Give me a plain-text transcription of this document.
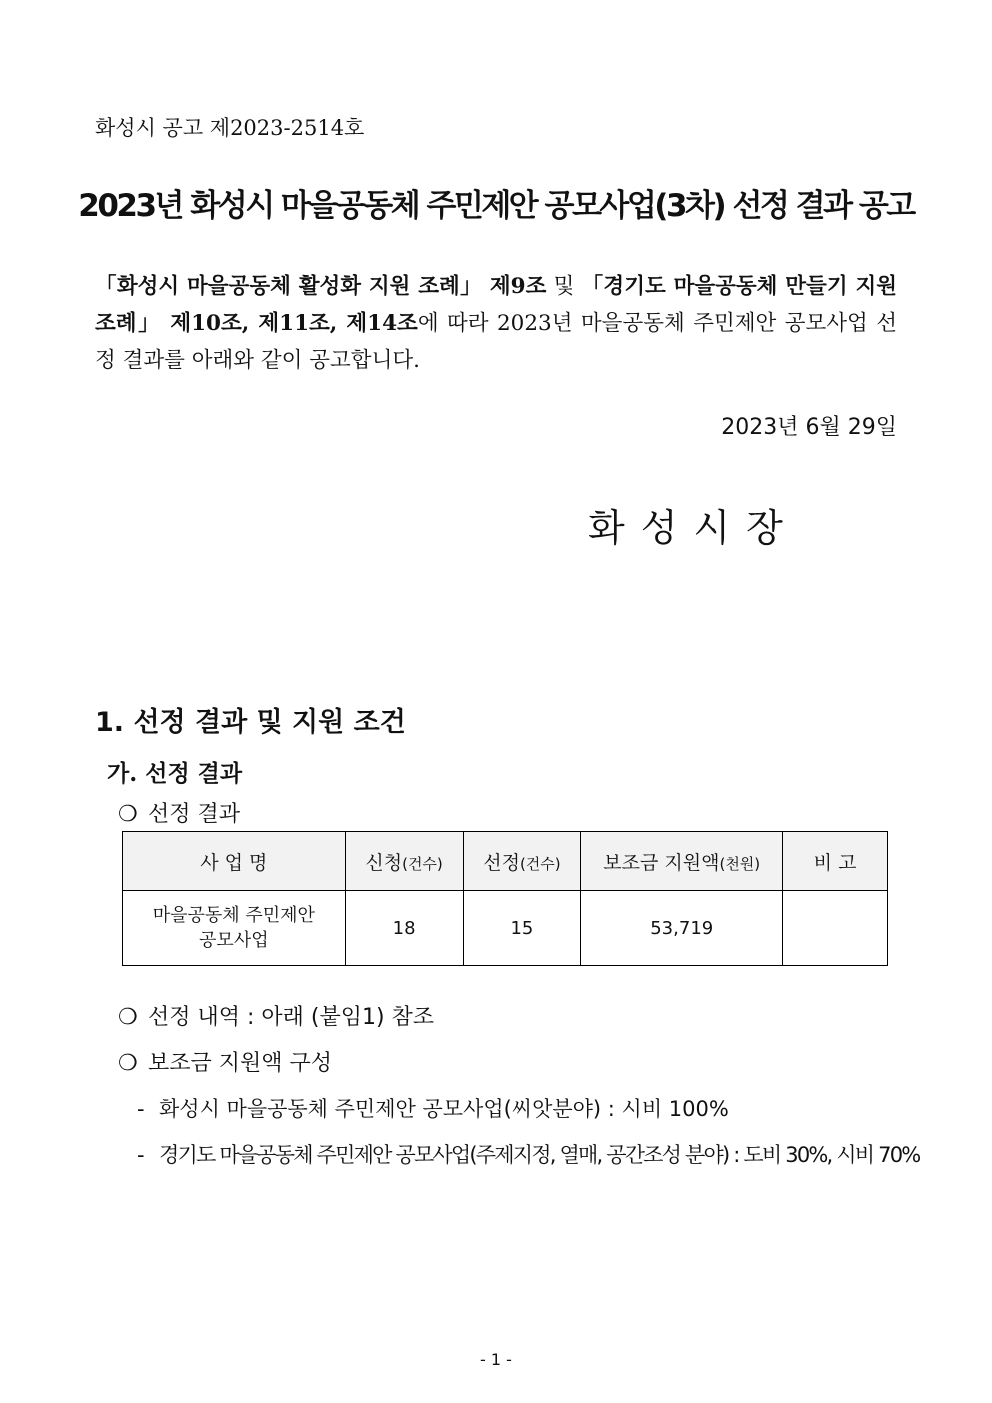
화성시 공고 제2023-2514호
2023년 화성시 마을공동체 주민제안 공모사업(3차) 선정 결과 공고
「화성시 마을공동체 활성화 지원 조례」 제9조 및 「경기도 마을공동체 만들기 지원 조례」 제10조, 제11조, 제14조에 따라 2023년 마을공동체 주민제안 공모사업 선정 결과를 아래와 같이 공고합니다.
2023년 6월 29일
화성시장
1. 선정 결과 및 지원 조건
가. 선정 결과
❍ 선정 결과
사 업 명	신청(건수)	선정(건수)	보조금 지원액(천원)	비 고
마을공동체 주민제안
공모사업	18	15	53,719	
❍ 선정 내역 : 아래 (붙임1) 참조
❍ 보조금 지원액 구성
- 화성시 마을공동체 주민제안 공모사업(씨앗분야) : 시비 100%
- 경기도 마을공동체 주민제안 공모사업(주제지정, 열매, 공간조성 분야) : 도비 30%, 시비 70%
- 1 -
